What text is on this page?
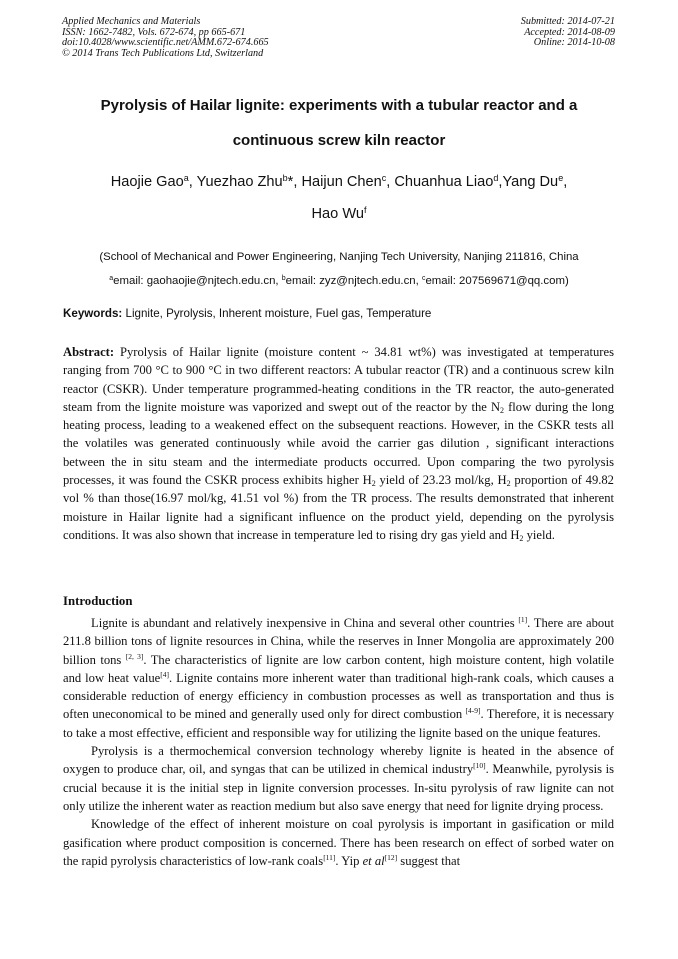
Applied Mechanics and Materials
ISSN: 1662-7482, Vols. 672-674, pp 665-671
doi:10.4028/www.scientific.net/AMM.672-674.665
© 2014 Trans Tech Publications Ltd, Switzerland
Submitted: 2014-07-21
Accepted: 2014-08-09
Online: 2014-10-08
Pyrolysis of Hailar lignite: experiments with a tubular reactor and a
continuous screw kiln reactor
Haojie Gao$^a$, Yuezhao Zhu$^b$*, Haijun Chen$^c$, Chuanhua Liao$^d$,Yang Du$^e$,
Hao Wu$^f$
(School of Mechanical and Power Engineering, Nanjing Tech University, Nanjing 211816, China
$^a$email: gaohaojie@njtech.edu.cn, $^b$email: zyz@njtech.edu.cn, $^c$email: 207569671@qq.com)
Keywords: Lignite, Pyrolysis, Inherent moisture, Fuel gas, Temperature
Abstract: Pyrolysis of Hailar lignite (moisture content ~ 34.81 wt%) was investigated at temperatures ranging from 700 °C to 900 °C in two different reactors: A tubular reactor (TR) and a continuous screw kiln reactor (CSKR). Under temperature programmed-heating conditions in the TR reactor, the auto-generated steam from the lignite moisture was vaporized and swept out of the reactor by the $N_2$ flow during the long heating process, leading to a weakened effect on the subsequent reactions. However, in the CSKR tests all the volatiles was generated continuously while avoid the carrier gas dilution , significant interactions between the in situ steam and the intermediate products occurred. Upon comparing the two pyrolysis processes, it was found the CSKR process exhibits higher $H_2$ yield of 23.23 mol/kg, $H_2$ proportion of 49.82 vol % than those(16.97 mol/kg, 41.51 vol %) from the TR process. The results demonstrated that inherent moisture in Hailar lignite had a significant influence on the product yield, depending on the pyrolysis conditions. It was also shown that increase in temperature led to rising dry gas yield and $H_2$ yield.
Introduction

Lignite is abundant and relatively inexpensive in China and several other countries [1]. There are about 211.8 billion tons of lignite resources in China, while the reserves in Inner Mongolia are approximately 200 billion tons [2, 3]. The characteristics of lignite are low carbon content, high moisture content, high volatile and low heat value[4]. Lignite contains more inherent water than traditional high-rank coals, which causes a considerable reduction of energy efficiency in combustion processes as well as transportation and thus is often uneconomical to be mined and generally used only for direct combustion [4-9]. Therefore, it is necessary to take a most effective, efficient and responsible way for utilizing the lignite based on the unique features.

Pyrolysis is a thermochemical conversion technology whereby lignite is heated in the absence of oxygen to produce char, oil, and syngas that can be utilized in chemical industry[10]. Meanwhile, pyrolysis is crucial because it is the initial step in lignite conversion processes. In-situ pyrolysis of raw lignite can not only utilize the inherent water as reaction medium but also save energy that need for lignite drying process.

Knowledge of the effect of inherent moisture on coal pyrolysis is important in gasification or mild gasification where product composition is concerned. There has been research on effect of sorbed water on the rapid pyrolysis characteristics of low-rank coals[11]. Yip et al[12] suggest that
